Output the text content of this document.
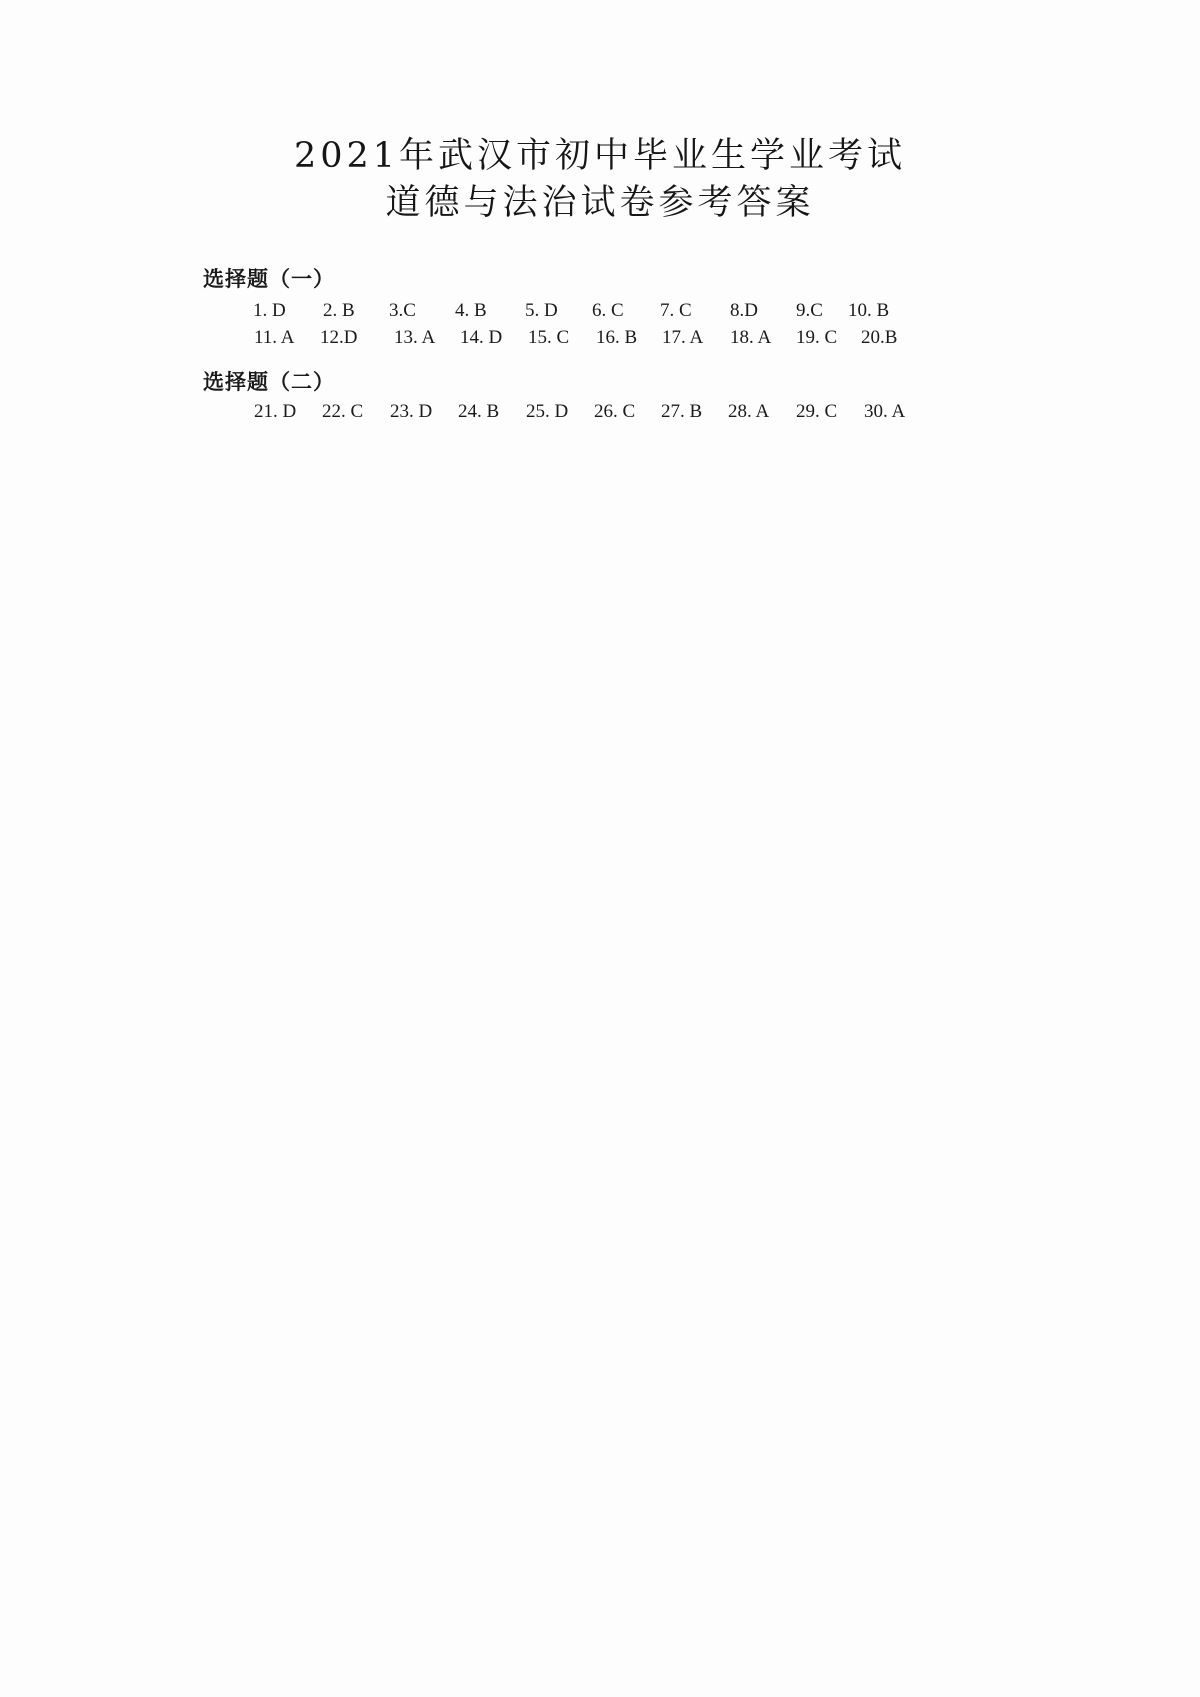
2021年武汉市初中毕业生学业考试
道德与法治试卷参考答案
选择题（一）
1. D 2. B 3.C 4. B 5. D 6. C 7. C 8.D 9.C 10. B
11. A 12.D 13. A 14. D 15. C 16. B 17. A 18. A 19. C 20.B
选择题（二）
21. D 22. C 23. D 24. B 25. D 26. C 27. B 28. A 29. C 30. A
